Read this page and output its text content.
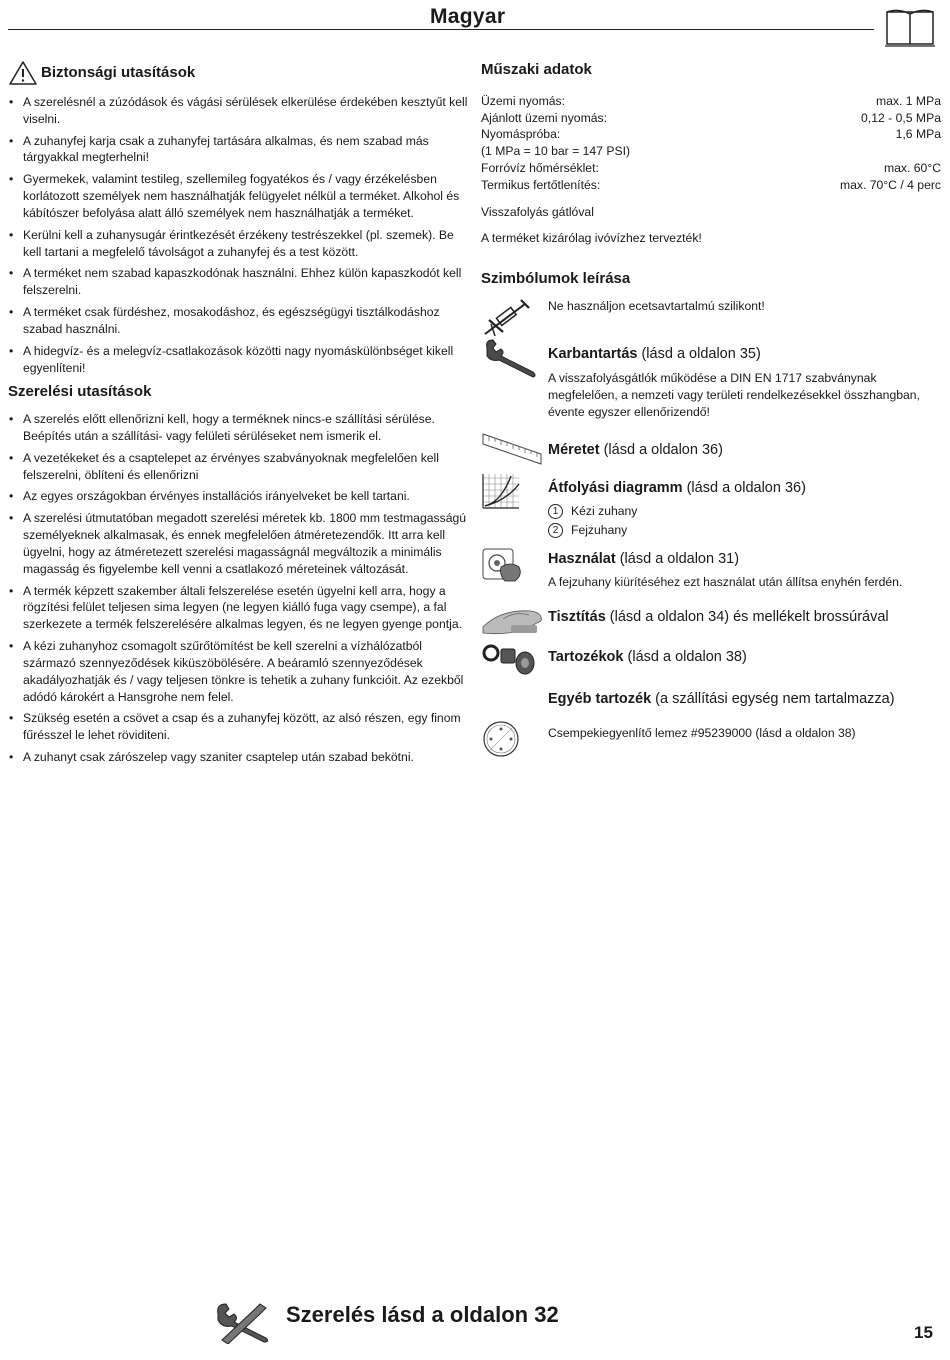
Magyar
Biztonsági utasítások
• A szerelésnél a zúzódások és vágási sérülések elkerülése érdekében kesztyűt kell viselni.
• A zuhanyfej karja csak a zuhanyfej tartására alkalmas, és nem szabad más tárgyakkal megterhelni!
• Gyermekek, valamint testileg, szellemileg fogyatékos és / vagy érzékelésben korlátozott személyek nem használhatják felügyelet nélkül a terméket. Alkohol és kábítószer befolyása alatt álló személyek nem használhatják a terméket.
• Kerülni kell a zuhanysugár érintkezését érzékeny testrészekkel (pl. szemek). Be kell tartani a megfelelő távolságot a zuhanyfej és a test között.
• A terméket nem szabad kapaszkodónak használni. Ehhez külön kapaszkodót kell felszerelni.
• A terméket csak fürdéshez, mosakodáshoz, és egészségügyi tisztálkodáshoz szabad használni.
• A hidegvíz- és a melegvíz-csatlakozások közötti nagy nyomáskülönbséget kikell egyenlíteni!
Szerelési utasítások
• A szerelés előtt ellenőrizni kell, hogy a terméknek nincs-e szállítási sérülése. Beépítés után a szállítási- vagy felületi sérüléseket nem ismerik el.
• A vezetékeket és a csaptelepet az érvényes szabványoknak megfelelően kell felszerelni, öblíteni és ellenőrizni
• Az egyes országokban érvényes installációs irányelveket be kell tartani.
• A szerelési útmutatóban megadott szerelési méretek kb. 1800 mm testmagasságú személyeknek alkalmasak, és ennek megfelelően átméretezendők. Itt arra kell ügyelni, hogy az átméretezett szerelési magasságnál megváltozik a minimális magasság és figyelembe kell venni a csatlakozó méreteinek változását.
• A termék képzett szakember általi felszerelése esetén ügyelni kell arra, hogy a rögzítési felület teljesen sima legyen (ne legyen kiálló fuga vagy csempe), a fal szerkezete a termék felszerelésére alkalmas legyen, és ne legyen gyenge pontja.
• A kézi zuhanyhoz csomagolt szűrőtömítést be kell szerelni a vízhálózatból származó szennyeződések kiküszöbölésére. A beáramló szennyeződések akadályozhatják és / vagy teljesen tönkre is tehetik a zuhany funkcióit. Az ezekből adódó károkért a Hansgrohe nem felel.
• Szükség esetén a csövet a csap és a zuhanyfej között, az alsó részen, egy finom fűrésszel le lehet röviditeni.
• A zuhanyt csak zárószelep vagy szaniter csaptelep után szabad bekötni.
Műszaki adatok
Üzemi nyomás:	max. 1 MPa
Ajánlott üzemi nyomás:	0,12 - 0,5 MPa
Nyomáspróba:	1,6 MPa
(1 MPa = 10 bar = 147 PSI)
Forróvíz hőmérséklet:	max. 60°C
Termikus fertőtlenítés:	max. 70°C / 4 perc
Visszafolyás gátlóval
A terméket kizárólag ivóvízhez tervezték!
Szimbólumok leírása
Ne használjon ecetsavtartalmú szilikont!
Karbantartás (lásd a oldalon 35)
A visszafolyásgátlók működése a DIN EN 1717 szabványnak megfelelően, a nemzeti vagy területi rendelkezésekkel összhangban, évente egyszer ellenőrizendő!
Méretet (lásd a oldalon 36)
Átfolyási diagramm (lásd a oldalon 36)
1	Kézi zuhany
2	Fejzuhany
Használat (lásd a oldalon 31)
A fejzuhany kiürítéséhez ezt használat után állítsa enyhén ferdén.
Tisztítás (lásd a oldalon 34) és mellékelt brossúrával
Tartozékok (lásd a oldalon 38)
Egyéb tartozék (a szállítási egység nem tartalmazza)
Csempekiegyenlítő lemez #95239000 (lásd a oldalon 38)
Szerelés lásd a oldalon 32
15
